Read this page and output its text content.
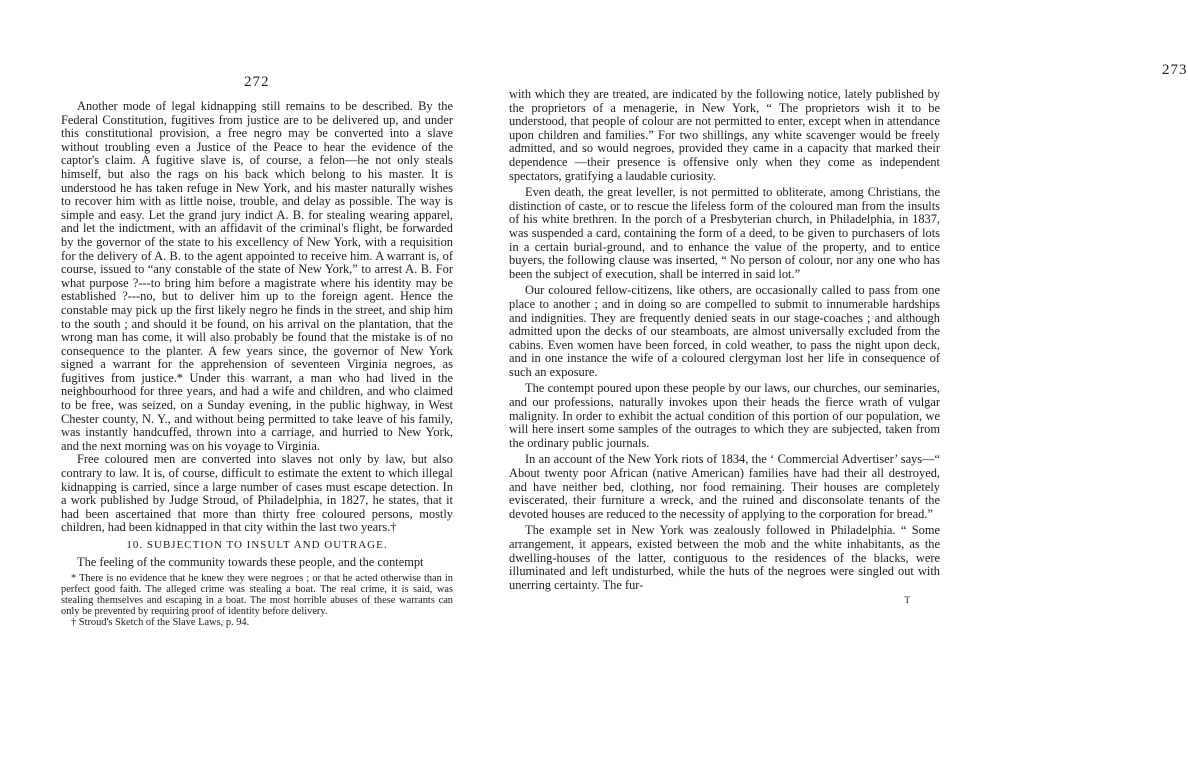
272

Another mode of legal kidnapping still remains to be described. By the Federal Constitution, fugitives from justice are to be delivered up, and under this constitutional provision, a free negro may be converted into a slave without troubling even a Justice of the Peace to hear the evidence of the captor's claim. A fugitive slave is, of course, a felon—he not only steals himself, but also the rags on his back which belong to his master. It is understood he has taken refuge in New York, and his master naturally wishes to recover him with as little noise, trouble, and delay as possible. The way is simple and easy. Let the grand jury indict A. B. for stealing wearing apparel, and let the indictment, with an affidavit of the criminal's flight, be forwarded by the governor of the state to his excellency of New York, with a requisition for the delivery of A. B. to the agent appointed to receive him. A warrant is, of course, issued to “any constable of the state of New York,” to arrest A. B. For what purpose ?---to bring him before a magistrate where his identity may be established ?---no, but to deliver him up to the foreign agent. Hence the constable may pick up the first likely negro he finds in the street, and ship him to the south ; and should it be found, on his arrival on the plantation, that the wrong man has come, it will also probably be found that the mistake is of no consequence to the planter. A few years since, the governor of New York signed a warrant for the apprehension of seventeen Virginia negroes, as fugitives from justice.* Under this warrant, a man who had lived in the neighbourhood for three years, and had a wife and children, and who claimed to be free, was seized, on a Sunday evening, in the public highway, in West Chester county, N. Y., and without being permitted to take leave of his family, was instantly handcuffed, thrown into a carriage, and hurried to New York, and the next morning was on his voyage to Virginia.

Free coloured men are converted into slaves not only by law, but also contrary to law. It is, of course, difficult to estimate the extent to which illegal kidnapping is carried, since a large number of cases must escape detection. In a work published by Judge Stroud, of Philadelphia, in 1827, he states, that it had been ascertained that more than thirty free coloured persons, mostly children, had been kidnapped in that city within the last two years.†

10. SUBJECTION TO INSULT AND OUTRAGE.

The feeling of the community towards these people, and the contempt

* There is no evidence that he knew they were negroes ; or that he acted otherwise than in perfect good faith. The alleged crime was stealing a boat. The real crime, it is said, was stealing themselves and escaping in a boat. The most horrible abuses of these warrants can only be prevented by requiring proof of identity before delivery.

† Stroud's Sketch of the Slave Laws, p. 94.

273

with which they are treated, are indicated by the following notice, lately published by the proprietors of a menagerie, in New York, “ The proprietors wish it to be understood, that people of colour are not permitted to enter, except when in attendance upon children and families.” For two shillings, any white scavenger would be freely admitted, and so would negroes, provided they came in a capacity that marked their dependence —their presence is offensive only when they come as independent spectators, gratifying a laudable curiosity.

Even death, the great leveller, is not permitted to obliterate, among Christians, the distinction of caste, or to rescue the lifeless form of the coloured man from the insults of his white brethren. In the porch of a Presbyterian church, in Philadelphia, in 1837, was suspended a card, containing the form of a deed, to be given to purchasers of lots in a certain burial-ground, and to enhance the value of the property, and to entice buyers, the following clause was inserted, “ No person of colour, nor any one who has been the subject of execution, shall be interred in said lot.”

Our coloured fellow-citizens, like others, are occasionally called to pass from one place to another ; and in doing so are compelled to submit to innumerable hardships and indignities. They are frequently denied seats in our stage-coaches ; and although admitted upon the decks of our steamboats, are almost universally excluded from the cabins. Even women have been forced, in cold weather, to pass the night upon deck, and in one instance the wife of a coloured clergyman lost her life in consequence of such an exposure.

The contempt poured upon these people by our laws, our churches, our seminaries, and our professions, naturally invokes upon their heads the fierce wrath of vulgar malignity. In order to exhibit the actual condition of this portion of our population, we will here insert some samples of the outrages to which they are subjected, taken from the ordinary public journals.

In an account of the New York riots of 1834, the ‘ Commercial Advertiser’ says—“ About twenty poor African (native American) families have had their all destroyed, and have neither bed, clothing, nor food remaining. Their houses are completely eviscerated, their furniture a wreck, and the ruined and disconsolate tenants of the devoted houses are reduced to the necessity of applying to the corporation for bread.”

The example set in New York was zealously followed in Philadelphia. “ Some arrangement, it appears, existed between the mob and the white inhabitants, as the dwelling-houses of the latter, contiguous to the residences of the blacks, were illuminated and left undisturbed, while the huts of the negroes were singled out with unerring certainty. The fur-

T
